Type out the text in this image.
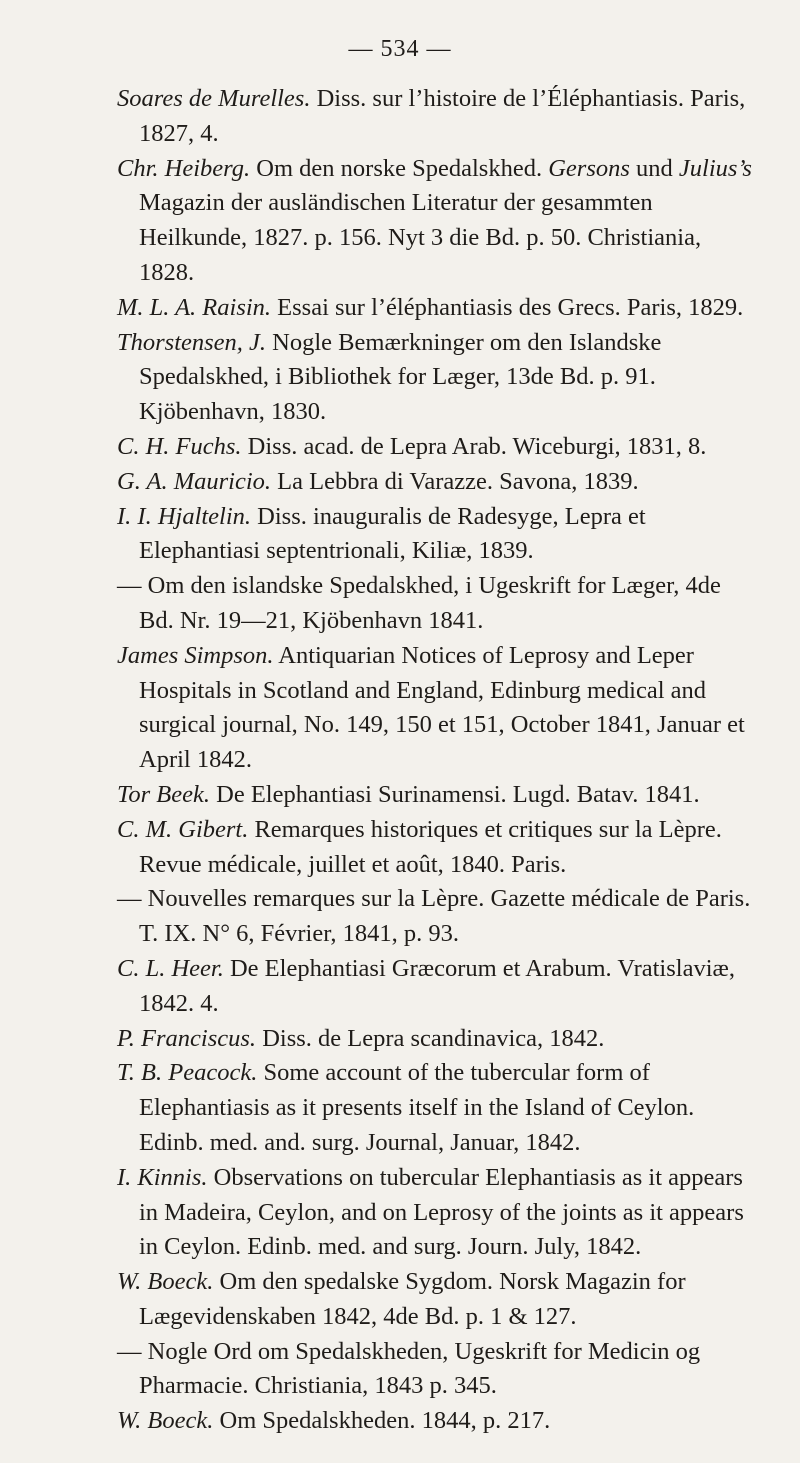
— 534 —

Soares de Murelles. Diss. sur l’histoire de l’Éléphantiasis. Paris, 1827, 4.

Chr. Heiberg. Om den norske Spedalskhed. Gersons und Julius’s Magazin der ausländischen Literatur der gesammten Heilkunde, 1827. p. 156. Nyt 3 die Bd. p. 50. Christiania, 1828.

M. L. A. Raisin. Essai sur l’éléphantiasis des Grecs. Paris, 1829.

Thorstensen, J. Nogle Bemærkninger om den Islandske Spedalskhed, i Bibliothek for Læger, 13de Bd. p. 91. Kjöbenhavn, 1830.

C. H. Fuchs. Diss. acad. de Lepra Arab. Wiceburgi, 1831, 8.

G. A. Mauricio. La Lebbra di Varazze. Savona, 1839.

I. I. Hjaltelin. Diss. inauguralis de Radesyge, Lepra et Elephantiasi septentrionali, Kiliæ, 1839.

— Om den islandske Spedalskhed, i Ugeskrift for Læger, 4de Bd. Nr. 19—21, Kjöbenhavn 1841.

James Simpson. Antiquarian Notices of Leprosy and Leper Hospitals in Scotland and England, Edinburg medical and surgical journal, No. 149, 150 et 151, October 1841, Januar et April 1842.

Tor Beek. De Elephantiasi Surinamensi. Lugd. Batav. 1841.

C. M. Gibert. Remarques historiques et critiques sur la Lèpre. Revue médicale, juillet et août, 1840. Paris.

— Nouvelles remarques sur la Lèpre. Gazette médicale de Paris. T. IX. N° 6, Février, 1841, p. 93.

C. L. Heer. De Elephantiasi Græcorum et Arabum. Vratislaviæ, 1842. 4.

P. Franciscus. Diss. de Lepra scandinavica, 1842.

T. B. Peacock. Some account of the tubercular form of Elephantiasis as it presents itself in the Island of Ceylon. Edinb. med. and. surg. Journal, Januar, 1842.

I. Kinnis. Observations on tubercular Elephantiasis as it appears in Madeira, Ceylon, and on Leprosy of the joints as it appears in Ceylon. Edinb. med. and surg. Journ. July, 1842.

W. Boeck. Om den spedalske Sygdom. Norsk Magazin for Lægevidenskaben 1842, 4de Bd. p. 1 & 127.

— Nogle Ord om Spedalskheden, Ugeskrift for Medicin og Pharmacie. Christiania, 1843 p. 345.

W. Boeck. Om Spedalskheden. 1844, p. 217.
